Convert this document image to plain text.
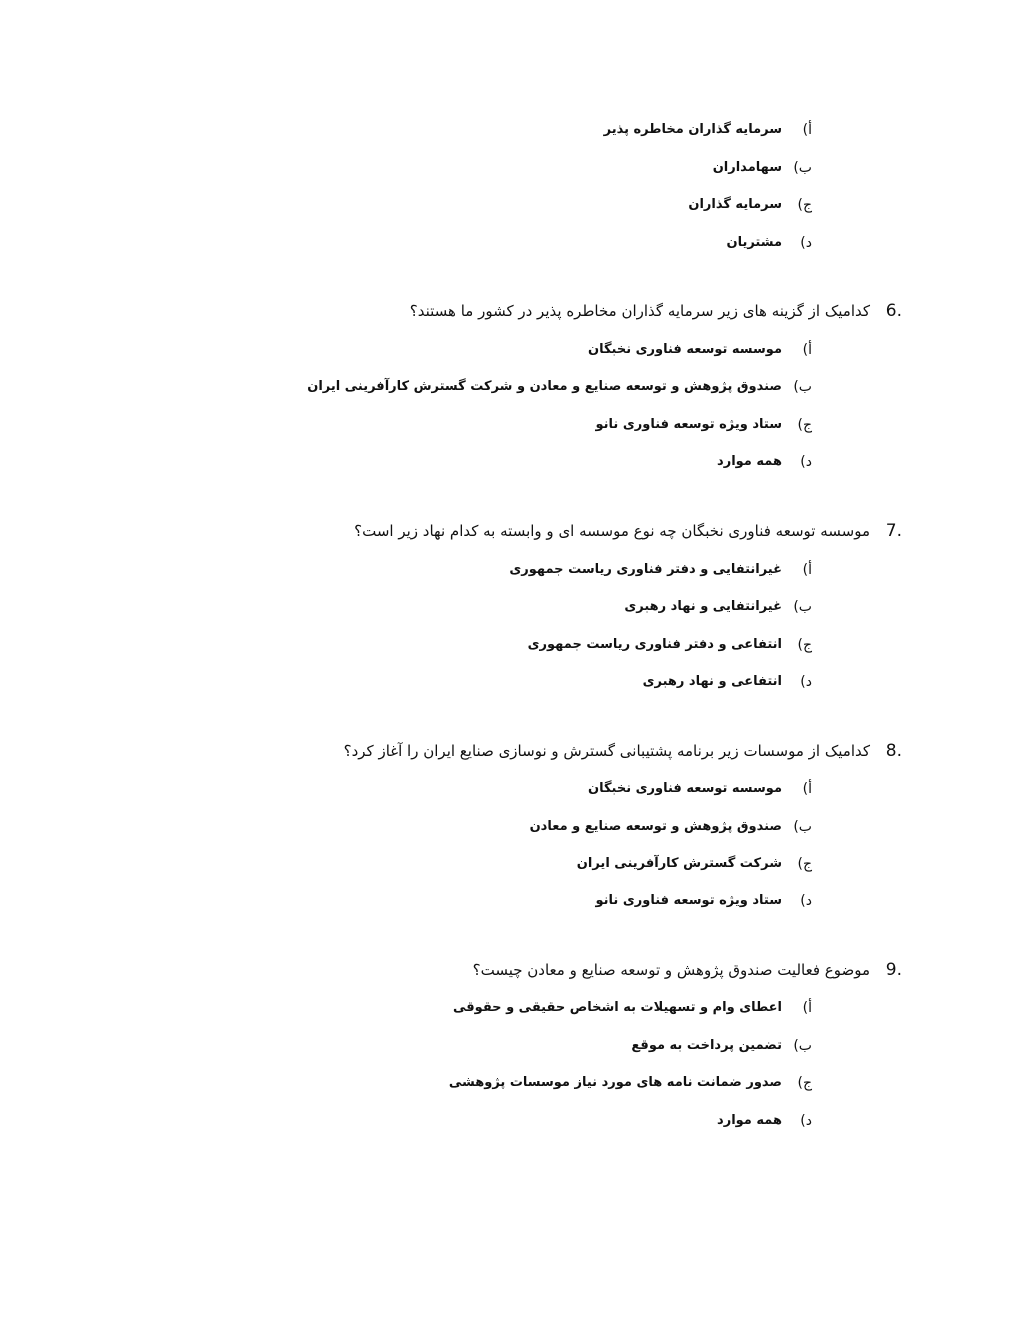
أ)
سرمایه گذاران مخاطره پذیر
ب)
سهامداران
ج)
سرمایه گذاران
د)
مشتریان
6.
کدامیک از گزینه های زیر سرمایه گذاران مخاطره پذیر در کشور ما هستند؟
أ)
موسسه توسعه فناوری نخبگان
ب)
صندوق پژوهش و توسعه صنایع و معادن و شرکت گسترش کارآفرینی ایران
ج)
ستاد ویژه توسعه فناوری نانو
د)
همه موارد
7.
موسسه توسعه فناوری نخبگان چه نوع موسسه ای و وابسته به کدام نهاد زیر است؟
أ)
غیرانتفایی و دفتر فناوری ریاست جمهوری
ب)
غیرانتفایی و نهاد رهبری
ج)
انتفاعی و دفتر فناوری ریاست جمهوری
د)
انتفاعی و نهاد رهبری
8.
کدامیک از موسسات زیر برنامه پشتیبانی گسترش و نوسازی صنایع ایران را آغاز کرد؟
أ)
موسسه توسعه فناوری نخبگان
ب)
صندوق پژوهش و توسعه صنایع و معادن
ج)
شرکت گسترش کارآفرینی ایران
د)
ستاد ویژه توسعه فناوری نانو
9.
موضوع فعالیت صندوق پژوهش و توسعه صنایع و معادن چیست؟
أ)
اعطای وام و تسهیلات به اشخاص حقیقی و حقوقی
ب)
تضمین پرداخت به موقع
ج)
صدور ضمانت نامه های مورد نیاز موسسات پژوهشی
د)
همه موارد
